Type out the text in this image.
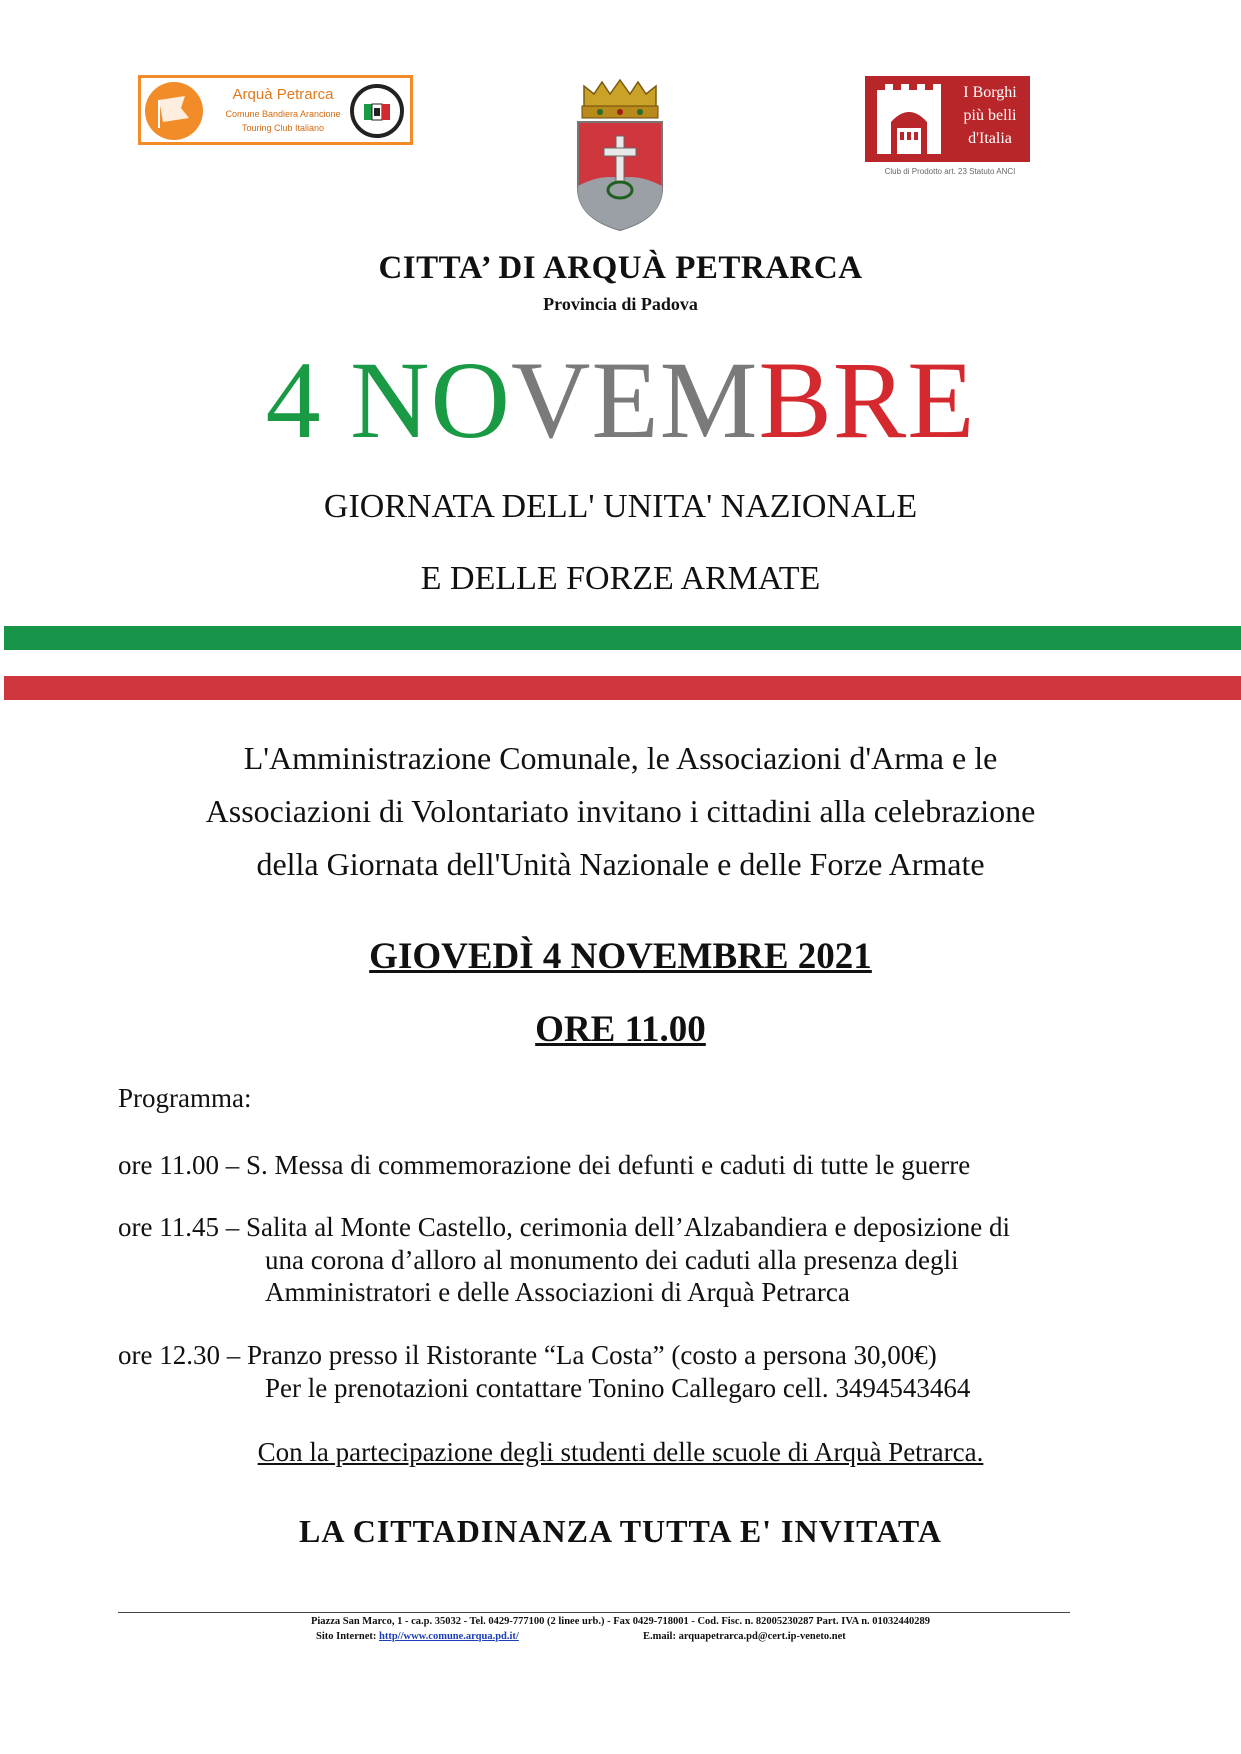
Arquà Petrarca
Comune Bandiera Arancione
Touring Club Italiano
I Borghi
più belli
d'Italia
Club di Prodotto art. 23 Statuto ANCI
CITTA’ DI ARQUÀ PETRARCA
Provincia di Padova
4 NOVEMBRE
GIORNATA DELL' UNITA' NAZIONALE
E DELLE FORZE ARMATE
L'Amministrazione Comunale, le Associazioni d'Arma e le
Associazioni di Volontariato invitano i cittadini alla celebrazione
della Giornata dell'Unità Nazionale e delle Forze Armate
GIOVEDÌ 4 NOVEMBRE 2021
ORE 11.00
Programma:
ore 11.00 – S. Messa di commemorazione dei defunti e caduti di tutte le guerre
ore 11.45 – Salita al Monte Castello, cerimonia dell’Alzabandiera e deposizione di
una corona d’alloro al monumento dei caduti alla presenza degli
Amministratori e delle Associazioni di Arquà Petrarca
ore 12.30 – Pranzo presso il Ristorante “La Costa” (costo a persona 30,00€)
Per le prenotazioni contattare Tonino Callegaro cell. 3494543464
Con la partecipazione degli studenti delle scuole di Arquà Petrarca.
LA CITTADINANZA TUTTA E' INVITATA
Piazza San Marco, 1 - ca.p. 35032 - Tel. 0429-777100 (2 linee urb.) - Fax 0429-718001 - Cod. Fisc. n. 82005230287 Part. IVA n. 01032440289
Sito Internet: http//www.comune.arqua.pd.it/	E.mail: arquapetrarca.pd@cert.ip-veneto.net
